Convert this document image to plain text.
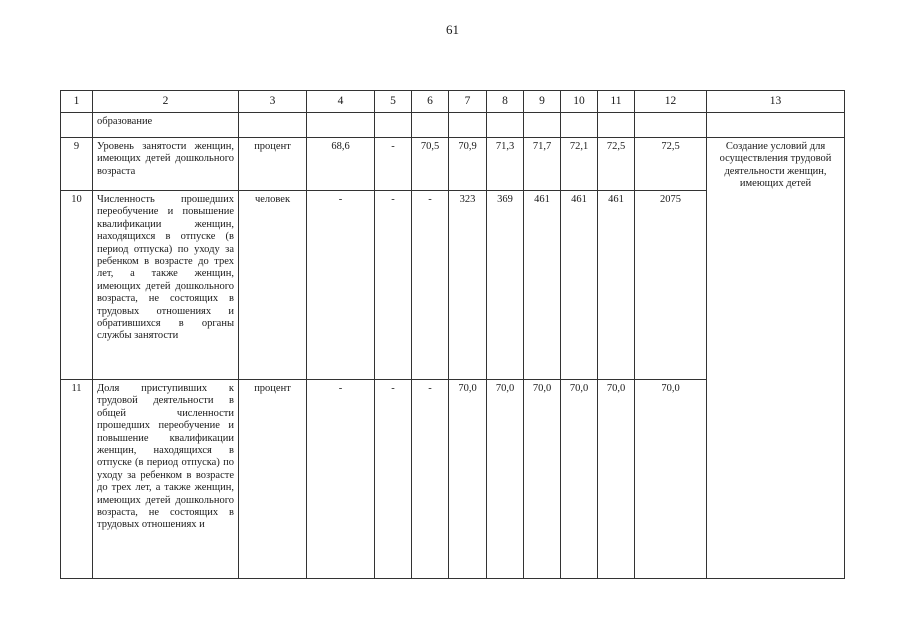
61
1	2	3	4	5	6	7	8	9	10	11	12	13
	образование											
9	Уровень занятости женщин, имеющих детей дошкольного возраста	процент	68,6	-	70,5	70,9	71,3	71,7	72,1	72,5	72,5	Создание условий для осуществления трудовой деятельности женщин, имеющих детей
10	Численность прошедших переобучение и повышение квалификации женщин, находящихся в отпуске (в период отпуска) по уходу за ребенком в возрасте до трех лет, а также женщин, имеющих детей дошкольного возраста, не состоящих в трудовых отношениях и обратившихся в органы службы занятости	человек	-	-	-	323	369	461	461	461	2075	
11	Доля приступивших к трудовой деятельности в общей численности прошедших переобучение и повышение квалификации женщин, находящихся в отпуске (в период отпуска) по уходу за ребенком в возрасте до трех лет, а также женщин, имеющих детей дошкольного возраста, не состоящих в трудовых отношениях и	процент	-	-	-	70,0	70,0	70,0	70,0	70,0	70,0	
